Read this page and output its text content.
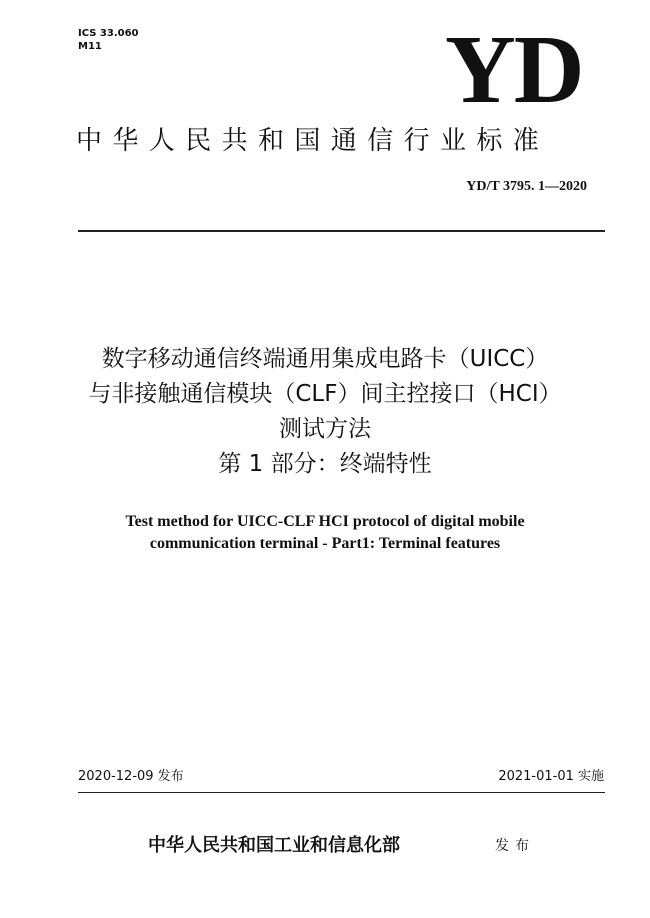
ICS 33.060
M11	YD
中华人民共和国通信行业标准
YD/T 3795. 1—2020
数字移动通信终端通用集成电路卡（UICC）
与非接触通信模块（CLF）间主控接口（HCI）
测试方法
第 1 部分：终端特性
Test method for UICC-CLF HCI protocol of digital mobile
communication terminal - Part1: Terminal features
2020-12-09 发布	2021-01-01 实施
中华人民共和国工业和信息化部	发布
